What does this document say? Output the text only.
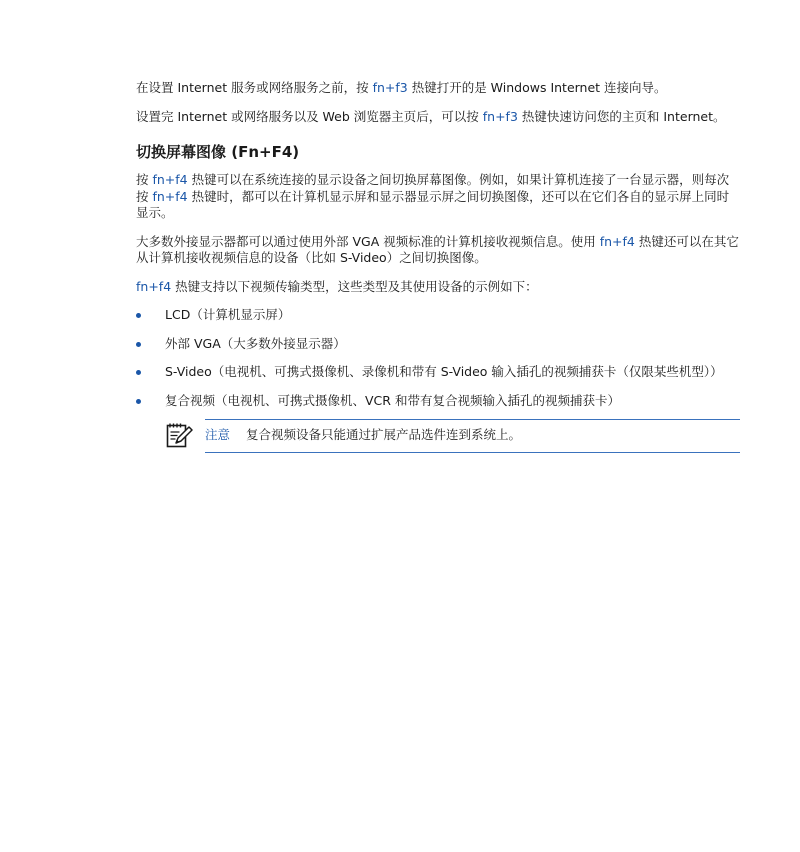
在设置 Internet 服务或网络服务之前，按 fn+f3 热键打开的是 Windows Internet 连接向导。

设置完 Internet 或网络服务以及 Web 浏览器主页后，可以按 fn+f3 热键快速访问您的主页和 Internet。

切换屏幕图像 (Fn+F4)

按 fn+f4 热键可以在系统连接的显示设备之间切换屏幕图像。例如，如果计算机连接了一台显示器，则每次按 fn+f4 热键时，都可以在计算机显示屏和显示器显示屏之间切换图像，还可以在它们各自的显示屏上同时显示。

大多数外接显示器都可以通过使用外部 VGA 视频标准的计算机接收视频信息。使用 fn+f4 热键还可以在其它从计算机接收视频信息的设备（比如 S-Video）之间切换图像。

fn+f4 热键支持以下视频传输类型，这些类型及其使用设备的示例如下：

LCD（计算机显示屏）
外部 VGA（大多数外接显示器）
S-Video（电视机、可携式摄像机、录像机和带有 S-Video 输入插孔的视频捕获卡（仅限某些机型））
复合视频（电视机、可携式摄像机、VCR 和带有复合视频输入插孔的视频捕获卡）
注意 复合视频设备只能通过扩展产品选件连到系统上。
